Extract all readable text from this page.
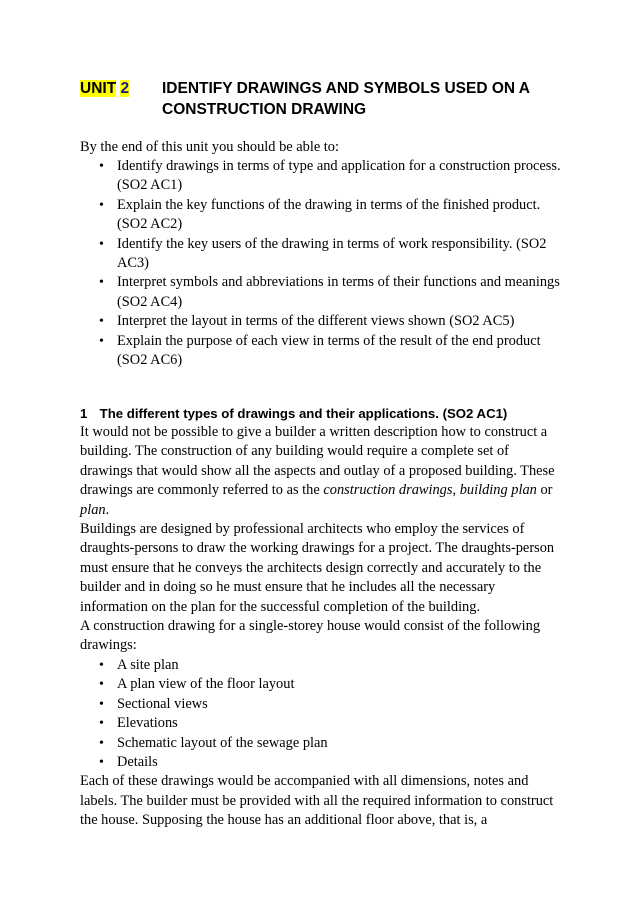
UNIT 2 IDENTIFY DRAWINGS AND SYMBOLS USED ON A
CONSTRUCTION DRAWING
By the end of this unit you should be able to:
• Identify drawings in terms of type and application for a construction process. (SO2 AC1)
• Explain the key functions of the drawing in terms of the finished product. (SO2 AC2)
• Identify the key users of the drawing in terms of work responsibility. (SO2 AC3)
• Interpret symbols and abbreviations in terms of their functions and meanings (SO2 AC4)
• Interpret the layout in terms of the different views shown (SO2 AC5)
• Explain the purpose of each view in terms of the result of the end product (SO2 AC6)
1 The different types of drawings and their applications. (SO2 AC1)

It would not be possible to give a builder a written description how to construct a building. The construction of any building would require a complete set of drawings that would show all the aspects and outlay of a proposed building. These drawings are commonly referred to as the construction drawings, building plan or plan.

Buildings are designed by professional architects who employ the services of draughts-persons to draw the working drawings for a project. The draughts-person must ensure that he conveys the architects design correctly and accurately to the builder and in doing so he must ensure that he includes all the necessary information on the plan for the successful completion of the building.

A construction drawing for a single-storey house would consist of the following drawings:

• A site plan
• A plan view of the floor layout
• Sectional views
• Elevations
• Schematic layout of the sewage plan
• Details

Each of these drawings would be accompanied with all dimensions, notes and labels. The builder must be provided with all the required information to construct the house. Supposing the house has an additional floor above, that is, a
